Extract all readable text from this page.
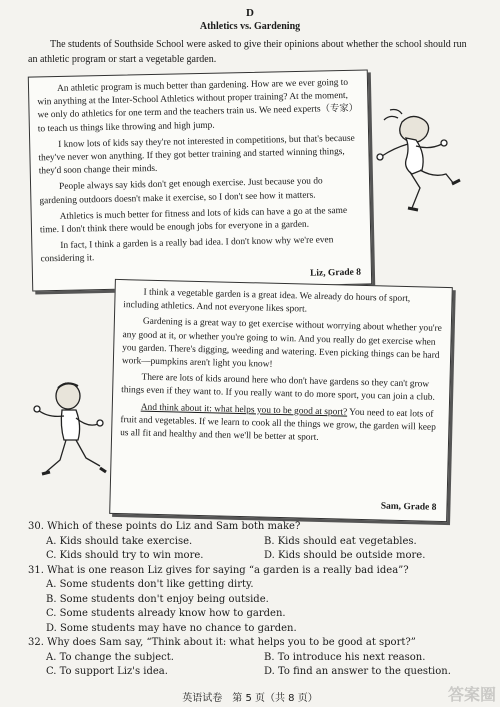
D
Athletics vs. Gardening
The students of Southside School were asked to give their opinions about whether the school should run an athletic program or start a vegetable garden.

An athletic program is much better than gardening. How are we ever going to win anything at the Inter-School Athletics without proper training? At the moment, we only do athletics for one term and the teachers train us. We need experts（专家）to teach us things like throwing and high jump.

I know lots of kids say they're not interested in competitions, but that's because they've never won anything. If they got better training and started winning things, they'd soon change their minds.

People always say kids don't get enough exercise. Just because you do gardening outdoors doesn't make it exercise, so I don't see how it matters.

Athletics is much better for fitness and lots of kids can have a go at the same time. I don't think there would be enough jobs for everyone in a garden.

In fact, I think a garden is a really bad idea. I don't know why we're even considering it.

Liz, Grade 8

I think a vegetable garden is a great idea. We already do hours of sport, including athletics. And not everyone likes sport.

Gardening is a great way to get exercise without worrying about whether you're any good at it, or whether you're going to win. And you really do get exercise when you garden. There's digging, weeding and watering. Even picking things can be hard work—pumpkins aren't light you know!

There are lots of kids around here who don't have gardens so they can't grow things even if they want to. If you really want to do more sport, you can join a club.

And think about it: what helps you to be good at sport? You need to eat lots of fruit and vegetables. If we learn to cook all the things we grow, the garden will keep us all fit and healthy and then we'll be better at sport.

Sam, Grade 8

30. Which of these points do Liz and Sam both make?

A. Kids should take exercise.	B. Kids should eat vegetables.

C. Kids should try to win more.	D. Kids should be outside more.

31. What is one reason Liz gives for saying “a garden is a really bad idea”?

A. Some students don't like getting dirty.

B. Some students don't enjoy being outside.

C. Some students already know how to garden.

D. Some students may have no chance to garden.

32. Why does Sam say, “Think about it: what helps you to be good at sport?”

A. To change the subject.	B. To introduce his next reason.

C. To support Liz's idea.	D. To find an answer to the question.

英语试卷　第 5 页（共 8 页）	答案圈
